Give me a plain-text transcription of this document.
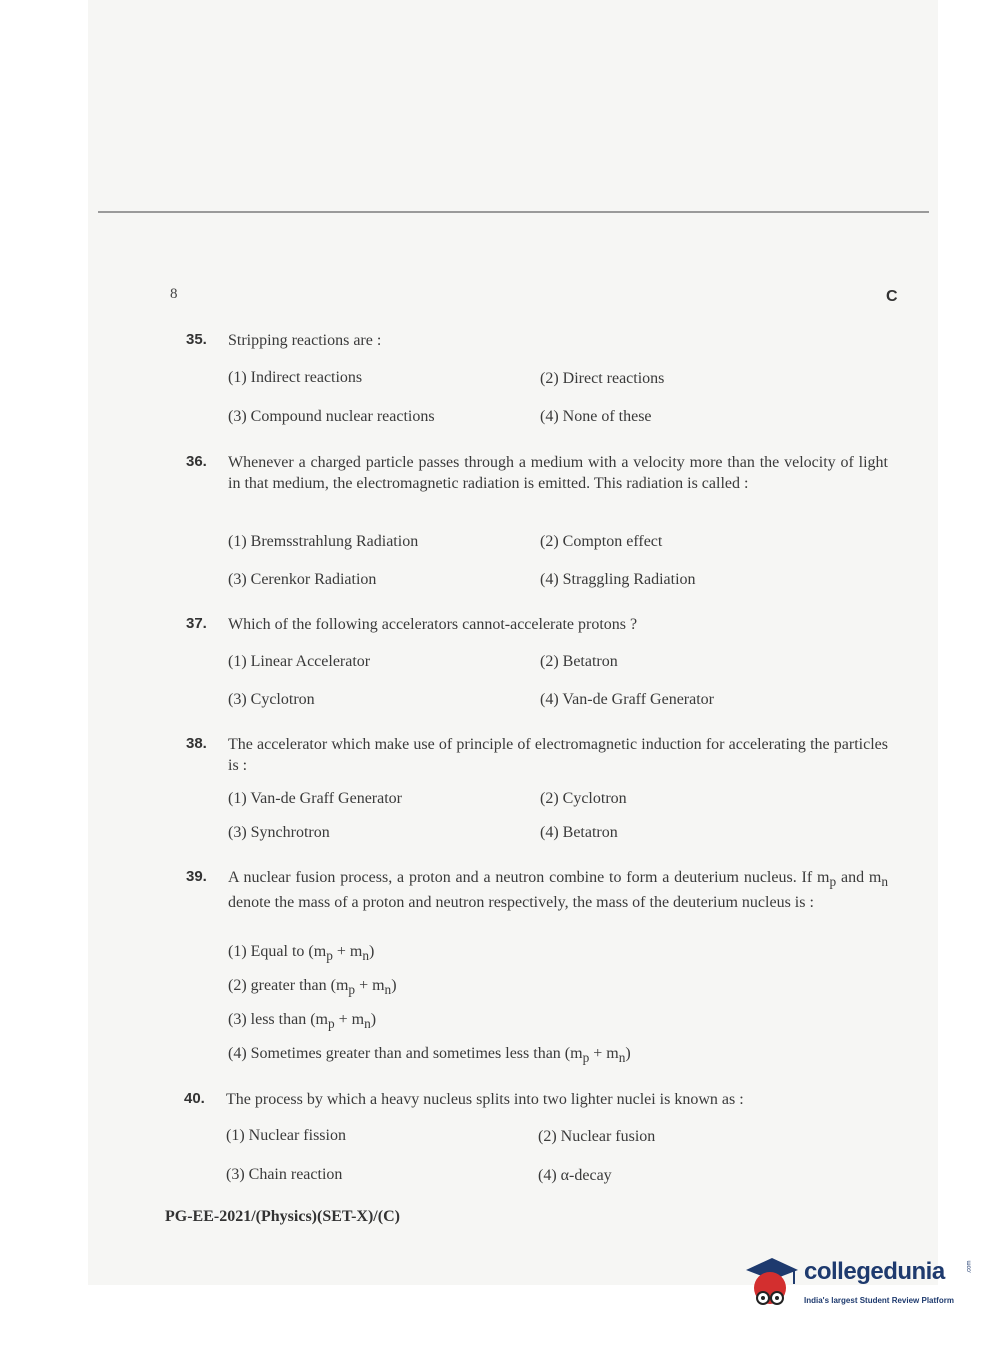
8	C
35. Stripping reactions are :
(1) Indirect reactions	(2) Direct reactions
(3) Compound nuclear reactions	(4) None of these
36. Whenever a charged particle passes through a medium with a velocity more than the velocity of light in that medium, the electromagnetic radiation is emitted. This radiation is called :
(1) Bremsstrahlung Radiation	(2) Compton effect
(3) Cerenkor Radiation	(4) Straggling Radiation
37. Which of the following accelerators cannot-accelerate protons ?
(1) Linear Accelerator	(2) Betatron
(3) Cyclotron	(4) Van-de Graff Generator
38. The accelerator which make use of principle of electromagnetic induction for accelerating the particles is :
(1) Van-de Graff Generator	(2) Cyclotron
(3) Synchrotron	(4) Betatron
39. A nuclear fusion process, a proton and a neutron combine to form a deuterium nucleus. If $m_p$ and $m_n$ denote the mass of a proton and neutron respectively, the mass of the deuterium nucleus is :
(1) Equal to $(m_p + m_n)$
(2) greater than $(m_p + m_n)$
(3) less than $(m_p + m_n)$
(4) Sometimes greater than and sometimes less than $(m_p + m_n)$
40. The process by which a heavy nucleus splits into two lighter nuclei is known as :
(1) Nuclear fission	(2) Nuclear fusion
(3) Chain reaction	(4) α-decay
PG-EE-2021/(Physics)(SET-X)/(C)
collegedunia	.com
India's largest Student Review Platform
